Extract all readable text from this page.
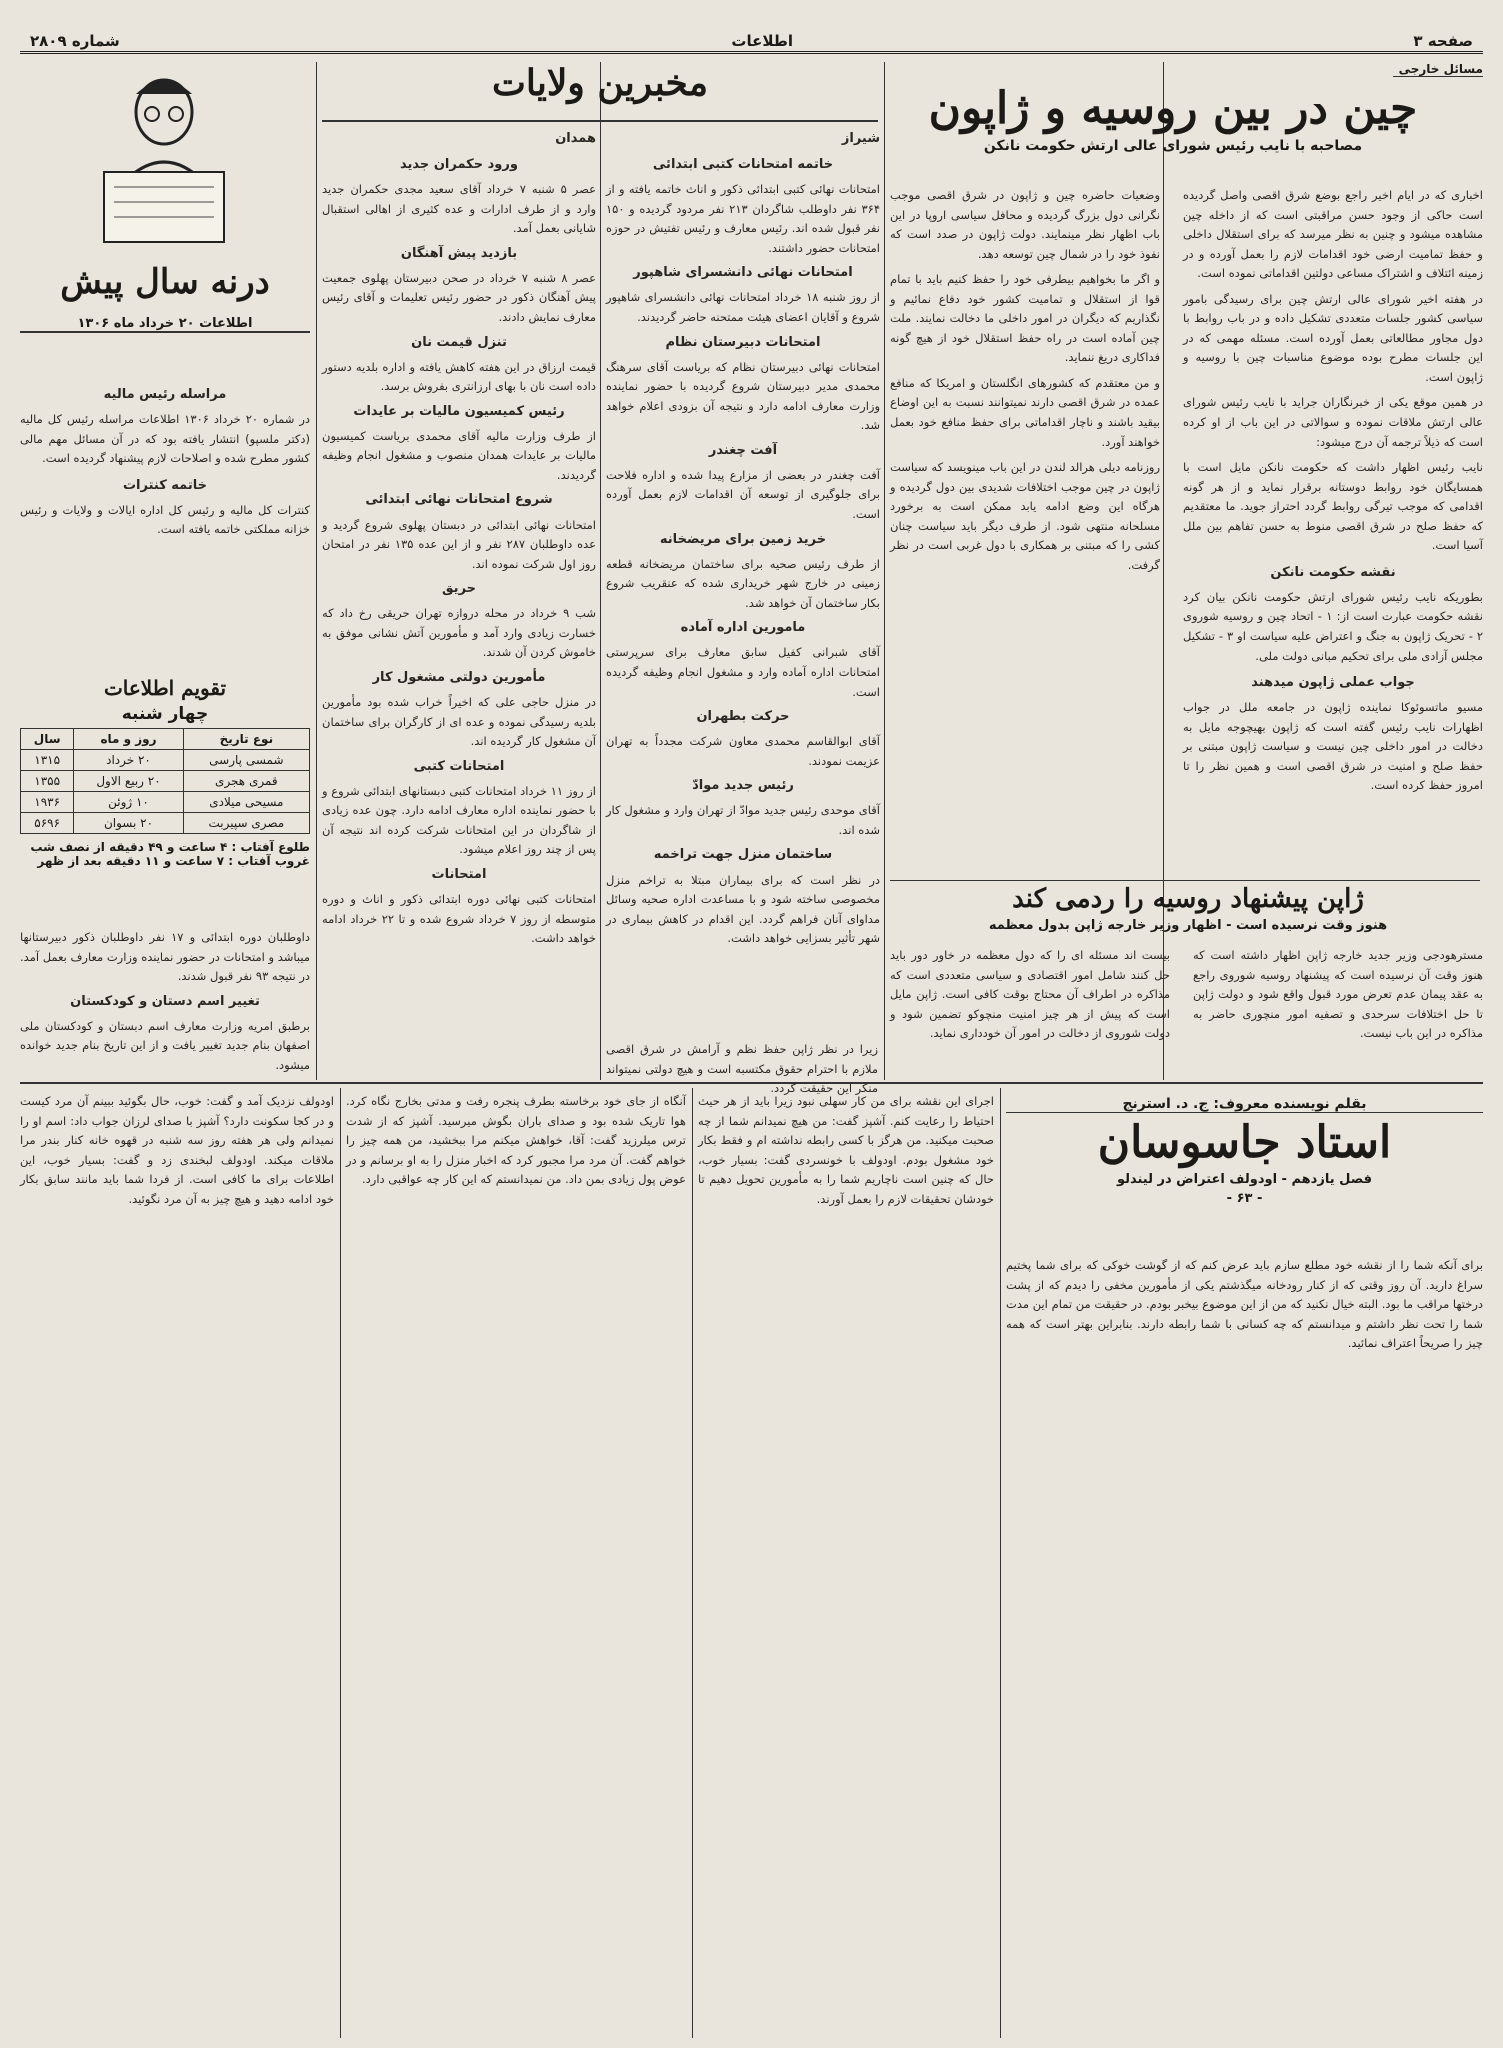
صفحه ۳
اطلاعات
شماره ۲۸۰۹
مسائل خارجی
چین در بین روسیه و ژاپون
مصاحبه با نایب رئیس شورای عالی ارتش حکومت نانکن

اخباری که در ایام اخیر راجع بوضع شرق اقصی واصل گردیده است حاکی از وجود حسن مراقبتی است که از داخله چین مشاهده میشود و چنین به نظر میرسد که برای استقلال داخلی و حفظ تمامیت ارضی خود اقدامات لازم را بعمل آورده و در زمینه ائتلاف و اشتراک مساعی دولتین اقداماتی نموده است.

در هفته اخیر شورای عالی ارتش چین برای رسیدگی بامور سیاسی کشور جلسات متعددی تشکیل داده و در باب روابط با دول مجاور مطالعاتی بعمل آورده است. مسئله مهمی که در این جلسات مطرح بوده موضوع مناسبات چین با روسیه و ژاپون است.

در همین موقع یکی از خبرنگاران جراید با نایب رئیس شورای عالی ارتش ملاقات نموده و سوالاتی در این باب از او کرده است که ذیلاً ترجمه آن درج میشود:

نایب رئیس اظهار داشت که حکومت نانکن مایل است با همسایگان خود روابط دوستانه برقرار نماید و از هر گونه اقدامی که موجب تیرگی روابط گردد احتراز جوید. ما معتقدیم که حفظ صلح در شرق اقصی منوط به حسن تفاهم بین ملل آسیا است.

نقشه حکومت نانکن

بطوریکه نایب رئیس شورای ارتش حکومت نانکن بیان کرد نقشه حکومت عبارت است از: ۱ - اتحاد چین و روسیه شوروی ۲ - تحریک ژاپون به جنگ و اعتراض علیه سیاست او ۳ - تشکیل مجلس آزادی ملی برای تحکیم مبانی دولت ملی.

جواب عملی ژاپون میدهند

مسیو ماتسوئوکا نماینده ژاپون در جامعه ملل در جواب اظهارات نایب رئیس گفته است که ژاپون بهیچوجه مایل به دخالت در امور داخلی چین نیست و سیاست ژاپون مبتنی بر حفظ صلح و امنیت در شرق اقصی است و همین نظر را تا امروز حفظ کرده است.

وضعیات حاضره چین و ژاپون در شرق اقصی موجب نگرانی دول بزرگ گردیده و محافل سیاسی اروپا در این باب اظهار نظر مینمایند. دولت ژاپون در صدد است که نفوذ خود را در شمال چین توسعه دهد.

و اگر ما بخواهیم بیطرفی خود را حفظ کنیم باید با تمام قوا از استقلال و تمامیت کشور خود دفاع نمائیم و نگذاریم که دیگران در امور داخلی ما دخالت نمایند. ملت چین آماده است در راه حفظ استقلال خود از هیچ گونه فداکاری دریغ ننماید.

و من معتقدم که کشورهای انگلستان و امریکا که منافع عمده در شرق اقصی دارند نمیتوانند نسبت به این اوضاع بیقید باشند و ناچار اقداماتی برای حفظ منافع خود بعمل خواهند آورد.

روزنامه دیلی هرالد لندن در این باب مینویسد که سیاست ژاپون در چین موجب اختلافات شدیدی بین دول گردیده و هرگاه این وضع ادامه یابد ممکن است به برخورد مسلحانه منتهی شود. از طرف دیگر باید سیاست چنان کشی را که مبتنی بر همکاری با دول غربی است در نظر گرفت.

ژاپن پیشنهاد روسیه را ردمی کند
هنوز وقت نرسیده است - اظهار وزیر خارجه ژاپن بدول معظمه

مسترهودجی وزیر جدید خارجه ژاپن اظهار داشته است که هنوز وقت آن نرسیده است که پیشنهاد روسیه شوروی راجع به عقد پیمان عدم تعرض مورد قبول واقع شود و دولت ژاپن تا حل اختلافات سرحدی و تصفیه امور منچوری حاضر به مذاکره در این باب نیست.

بیست اند مسئله ای را که دول معظمه در خاور دور باید حل کنند شامل امور اقتصادی و سیاسی متعددی است که مذاکره در اطراف آن محتاج بوقت کافی است. ژاپن مایل است که پیش از هر چیز امنیت منچوکو تضمین شود و دولت شوروی از دخالت در امور آن خودداری نماید.

زیرا در نظر ژاپن حفظ نظم و آرامش در شرق اقصی ملازم با احترام حقوق مکتسبه است و هیچ دولتی نمیتواند منکر این حقیقت گردد.

مخبرین ولایات
شیراز
خاتمه امتحانات کتبی ابتدائی

امتحانات نهائی کتبی ابتدائی ذکور و اناث خاتمه یافته و از ۳۶۴ نفر داوطلب شاگردان ۲۱۳ نفر مردود گردیده و ۱۵۰ نفر قبول شده اند. رئیس معارف و رئیس تفتیش در حوزه امتحانات حضور داشتند.

امتحانات نهائی دانشسرای شاهپور

از روز شنبه ۱۸ خرداد امتحانات نهائی دانشسرای شاهپور شروع و آقایان اعضای هیئت ممتحنه حاضر گردیدند.

امتحانات دبیرستان نظام

امتحانات نهائی دبیرستان نظام که بریاست آقای سرهنگ محمدی مدیر دبیرستان شروع گردیده با حضور نماینده وزارت معارف ادامه دارد و نتیجه آن بزودی اعلام خواهد شد.

آفت چغندر

آفت چغندر در بعضی از مزارع پیدا شده و اداره فلاحت برای جلوگیری از توسعه آن اقدامات لازم بعمل آورده است.

خرید زمین برای مریضخانه

از طرف رئیس صحیه برای ساختمان مریضخانه قطعه زمینی در خارج شهر خریداری شده که عنقریب شروع بکار ساختمان آن خواهد شد.

مامورین اداره آماده

آقای شبرانی کفیل سابق معارف برای سرپرستی امتحانات اداره آماده وارد و مشغول انجام وظیفه گردیده است.

حرکت بطهران

آقای ابوالقاسم محمدی معاون شرکت مجدداً به تهران عزیمت نمودند.

رئیس جدید موادّ

آقای موحدی رئیس جدید موادّ از تهران وارد و مشغول کار شده اند.

ساختمان منزل جهت تراخمه

در نظر است که برای بیماران مبتلا به تراخم منزل مخصوصی ساخته شود و با مساعدت اداره صحیه وسائل مداوای آنان فراهم گردد. این اقدام در کاهش بیماری در شهر تأثیر بسزایی خواهد داشت.

همدان
ورود حکمران جدید

عصر ۵ شنبه ۷ خرداد آقای سعید مجدی حکمران جدید وارد و از طرف ادارات و عده کثیری از اهالی استقبال شایانی بعمل آمد.

بازدید پیش آهنگان

عصر ۸ شنبه ۷ خرداد در صحن دبیرستان پهلوی جمعیت پیش آهنگان ذکور در حضور رئیس تعلیمات و آقای رئیس معارف نمایش دادند.

تنزل قیمت نان

قیمت ارزاق در این هفته کاهش یافته و اداره بلدیه دستور داده است نان با بهای ارزانتری بفروش برسد.

رئیس کمیسیون مالیات بر عایدات

از طرف وزارت مالیه آقای محمدی بریاست کمیسیون مالیات بر عایدات همدان منصوب و مشغول انجام وظیفه گردیدند.

شروع امتحانات نهائی ابتدائی

امتحانات نهائی ابتدائی در دبستان پهلوی شروع گردید و عده داوطلبان ۲۸۷ نفر و از این عده ۱۳۵ نفر در امتحان روز اول شرکت نموده اند.

حریق

شب ۹ خرداد در محله دروازه تهران حریقی رخ داد که خسارت زیادی وارد آمد و مأمورین آتش نشانی موفق به خاموش کردن آن شدند.

مأمورین دولتی مشغول کار

در منزل حاجی علی که اخیراً خراب شده بود مأمورین بلدیه رسیدگی نموده و عده ای از کارگران برای ساختمان آن مشغول کار گردیده اند.

امتحانات کتبی

از روز ۱۱ خرداد امتحانات کتبی دبستانهای ابتدائی شروع و با حضور نماینده اداره معارف ادامه دارد. چون عده زیادی از شاگردان در این امتحانات شرکت کرده اند نتیجه آن پس از چند روز اعلام میشود.

امتحانات

امتحانات کتبی نهائی دوره ابتدائی ذکور و اناث و دوره متوسطه از روز ۷ خرداد شروع شده و تا ۲۲ خرداد ادامه خواهد داشت.

درنه سال پیش
اطلاعات ۲۰ خرداد ماه ۱۳۰۶
مراسله رئیس مالیه

در شماره ۲۰ خرداد ۱۳۰۶ اطلاعات مراسله رئیس کل مالیه (دکتر ملسپو) انتشار یافته بود که در آن مسائل مهم مالی کشور مطرح شده و اصلاحات لازم پیشنهاد گردیده است.

خاتمه کنترات

کنترات کل مالیه و رئیس کل اداره ایالات و ولایات و رئیس خزانه مملکتی خاتمه یافته است.

تقویم اطلاعات
چهار شنبه
نوع تاریخ	روز و ماه	سال
شمسی پارسی	۲۰ خرداد	۱۳۱۵
قمری هجری	۲۰ ربیع الاول	۱۳۵۵
مسیحی میلادی	۱۰ ژوئن	۱۹۳۶
مصری سپیربت	۲۰ بسوان	۵۶۹۶
طلوع آفتاب : ۴ ساعت و ۴۹ دقیقه از نصف شب
غروب آفتاب : ۷ ساعت و ۱۱ دقیقه بعد از ظهر

داوطلبان دوره ابتدائی و ۱۷ نفر داوطلبان ذکور دبیرستانها میباشد و امتحانات در حضور نماینده وزارت معارف بعمل آمد. در نتیجه ۹۳ نفر قبول شدند.

تغییر اسم دستان و کودکستان

برطبق امریه وزارت معارف اسم دبستان و کودکستان ملی اصفهان بنام جدید تغییر یافت و از این تاریخ بنام جدید خوانده میشود.

بقلم نویسنده معروف: ج. د. استرنج
استاد جاسوسان
فصل یازدهم - اودولف اعتراض در لیندلو
- ۶۳ -

برای آنکه شما را از نقشه خود مطلع سازم باید عرض کنم که از گوشت خوکی که برای شما پختیم سراغ دارید. آن روز وقتی که از کنار رودخانه میگذشتم یکی از مأمورین مخفی را دیدم که از پشت درختها مراقب ما بود. البته خیال نکنید که من از این موضوع بیخبر بودم. در حقیقت من تمام این مدت شما را تحت نظر داشتم و میدانستم که چه کسانی با شما رابطه دارند. بنابراین بهتر است که همه چیز را صریحاً اعتراف نمائید.

اجرای این نقشه برای من کار سهلی نبود زیرا باید از هر حیث احتیاط را رعایت کنم. آشپز گفت: من هیچ نمیدانم شما از چه صحبت میکنید. من هرگز با کسی رابطه نداشته ام و فقط بکار خود مشغول بودم. اودولف با خونسردی گفت: بسیار خوب، حال که چنین است ناچاریم شما را به مأمورین تحویل دهیم تا خودشان تحقیقات لازم را بعمل آورند.

آنگاه از جای خود برخاسته بطرف پنجره رفت و مدتی بخارج نگاه کرد. هوا تاریک شده بود و صدای باران بگوش میرسید. آشپز که از شدت ترس میلرزید گفت: آقا، خواهش میکنم مرا ببخشید، من همه چیز را خواهم گفت. آن مرد مرا مجبور کرد که اخبار منزل را به او برسانم و در عوض پول زیادی بمن داد. من نمیدانستم که این کار چه عواقبی دارد.

اودولف نزدیک آمد و گفت: خوب، حال بگوئید ببینم آن مرد کیست و در کجا سکونت دارد؟ آشپز با صدای لرزان جواب داد: اسم او را نمیدانم ولی هر هفته روز سه شنبه در قهوه خانه کنار بندر مرا ملاقات میکند. اودولف لبخندی زد و گفت: بسیار خوب، این اطلاعات برای ما کافی است. از فردا شما باید مانند سابق بکار خود ادامه دهید و هیچ چیز به آن مرد نگوئید.
